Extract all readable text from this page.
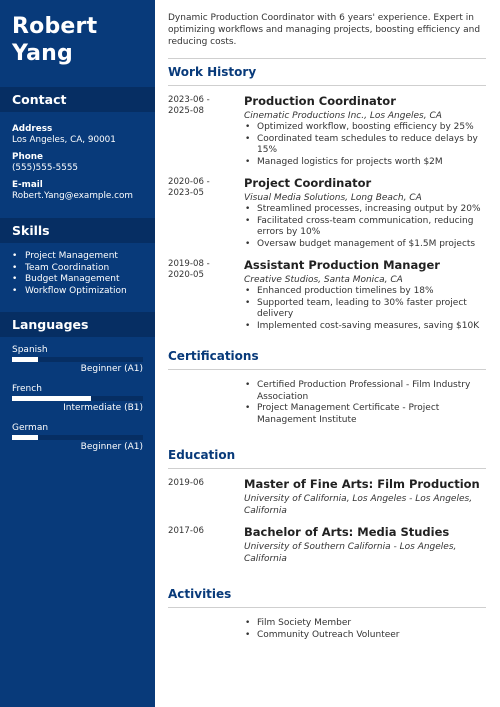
Robert
Yang
Contact
Address
Los Angeles, CA, 90001
Phone
(555)555-5555
E-mail
Robert.Yang@example.com
Skills
• Project Management
• Team Coordination
• Budget Management
• Workflow Optimization
Languages
Spanish
Beginner (A1)
French
Intermediate (B1)
German
Beginner (A1)
Dynamic Production Coordinator with 6 years' experience. Expert in optimizing workflows and managing projects, boosting efficiency and reducing costs.
Work History
2023-06 -
2025-08
Production Coordinator
Cinematic Productions Inc., Los Angeles, CA
• Optimized workflow, boosting efficiency by 25%
• Coordinated team schedules to reduce delays by 15%
• Managed logistics for projects worth $2M
2020-06 -
2023-05
Project Coordinator
Visual Media Solutions, Long Beach, CA
• Streamlined processes, increasing output by 20%
• Facilitated cross-team communication, reducing errors by 10%
• Oversaw budget management of $1.5M projects
2019-08 -
2020-05
Assistant Production Manager
Creative Studios, Santa Monica, CA
• Enhanced production timelines by 18%
• Supported team, leading to 30% faster project delivery
• Implemented cost-saving measures, saving $10K
Certifications
• Certified Production Professional - Film Industry Association
• Project Management Certificate - Project Management Institute
Education
2019-06	Master of Fine Arts: Film Production
University of California, Los Angeles - Los Angeles, California
2017-06	Bachelor of Arts: Media Studies
University of Southern California - Los Angeles, California
Activities
• Film Society Member
• Community Outreach Volunteer
